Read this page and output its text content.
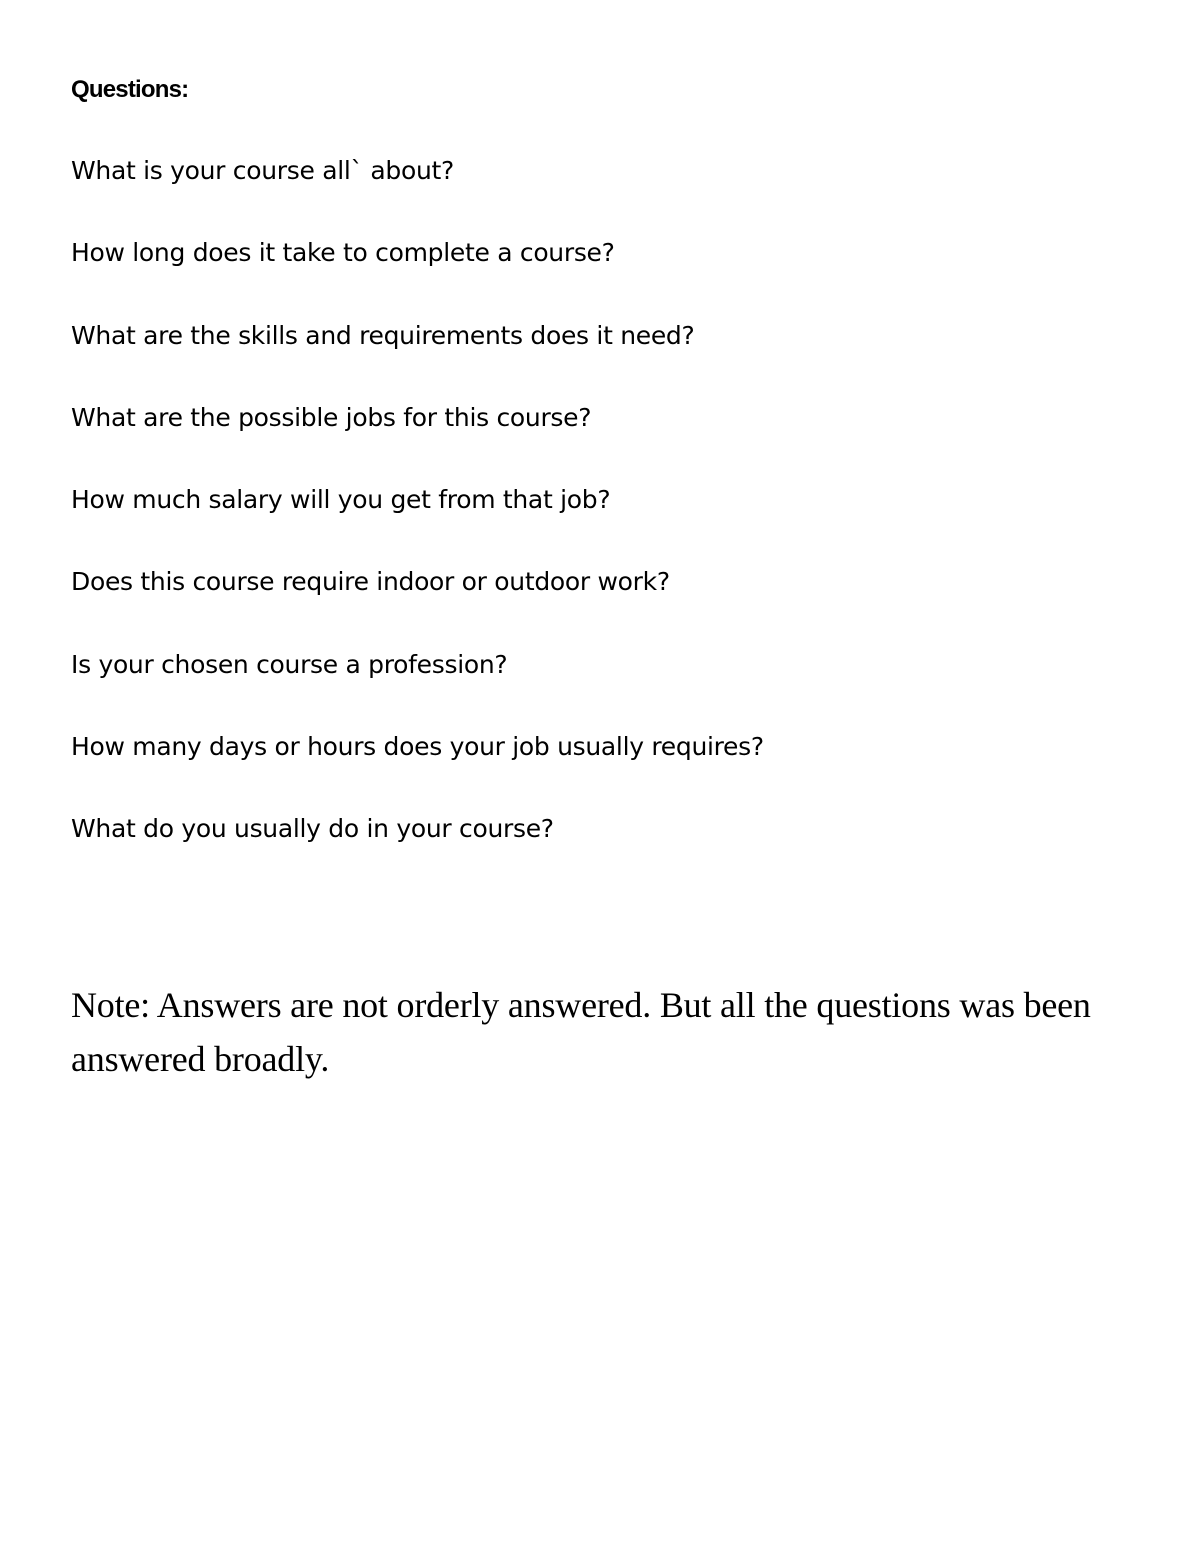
Questions:
What is your course all` about?
How long does it take to complete a course?
What are the skills and requirements does it need?
What are the possible jobs for this course?
How much salary will you get from that job?
Does this course require indoor or outdoor work?
Is your chosen course a profession?
How many days or hours does your job usually requires?
What do you usually do in your course?

Note: Answers are not orderly answered. But all the questions was been answered broadly.
